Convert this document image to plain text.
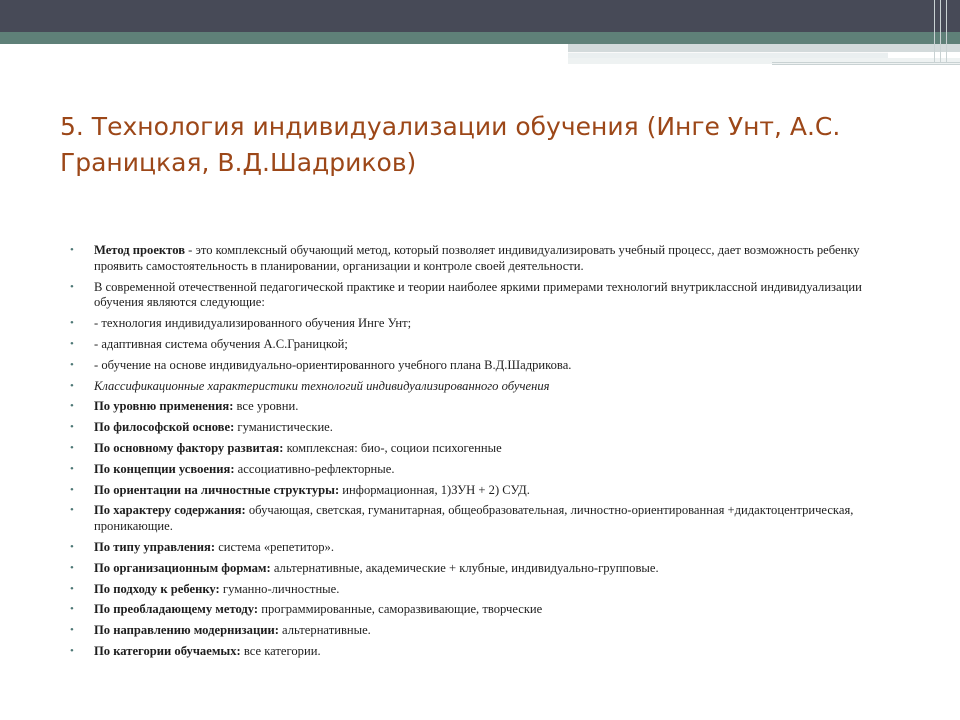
5. Технология индивидуализации обучения (Инге Унт, А.С. Границкая, В.Д.Шадриков)
• Метод проектов - это комплексный обучающий метод, который позволяет индивидуализировать учебный процесс, дает возможность ребенку проявить самостоятельность в планировании, организации и контроле своей деятельности.
• В современной отечественной педагогической практике и теории наиболее яркими примерами технологий внутриклассной индивидуализации обучения являются следующие:
• - технология индивидуализированного обучения Инге Унт;
• - адаптивная система обучения А.С.Границкой;
• - обучение на основе индивидуально-ориентированного учебного плана В.Д.Шадрикова.
• Классификационные характеристики технологий индивидуализированного обучения
• По уровню применения: все уровни.
• По философской основе: гуманистические.
• По основному фактору развитая: комплексная: био-, социои психогенные
• По концепции усвоения: ассоциативно-рефлекторные.
• По ориентации на личностные структуры: информационная, 1)ЗУН + 2) СУД.
• По характеру содержания: обучающая, светская, гуманитарная, общеобразовательная, личностно-ориентированная +дидактоцентрическая, проникающие.
• По типу управления: система «репетитор».
• По организационным формам: альтернативные, академические + клубные, индивидуально-групповые.
• По подходу к ребенку: гуманно-личностные.
• По преобладающему методу: программированные, саморазвивающие, творческие
• По направлению модернизации: альтернативные.
• По категории обучаемых: все категории.
